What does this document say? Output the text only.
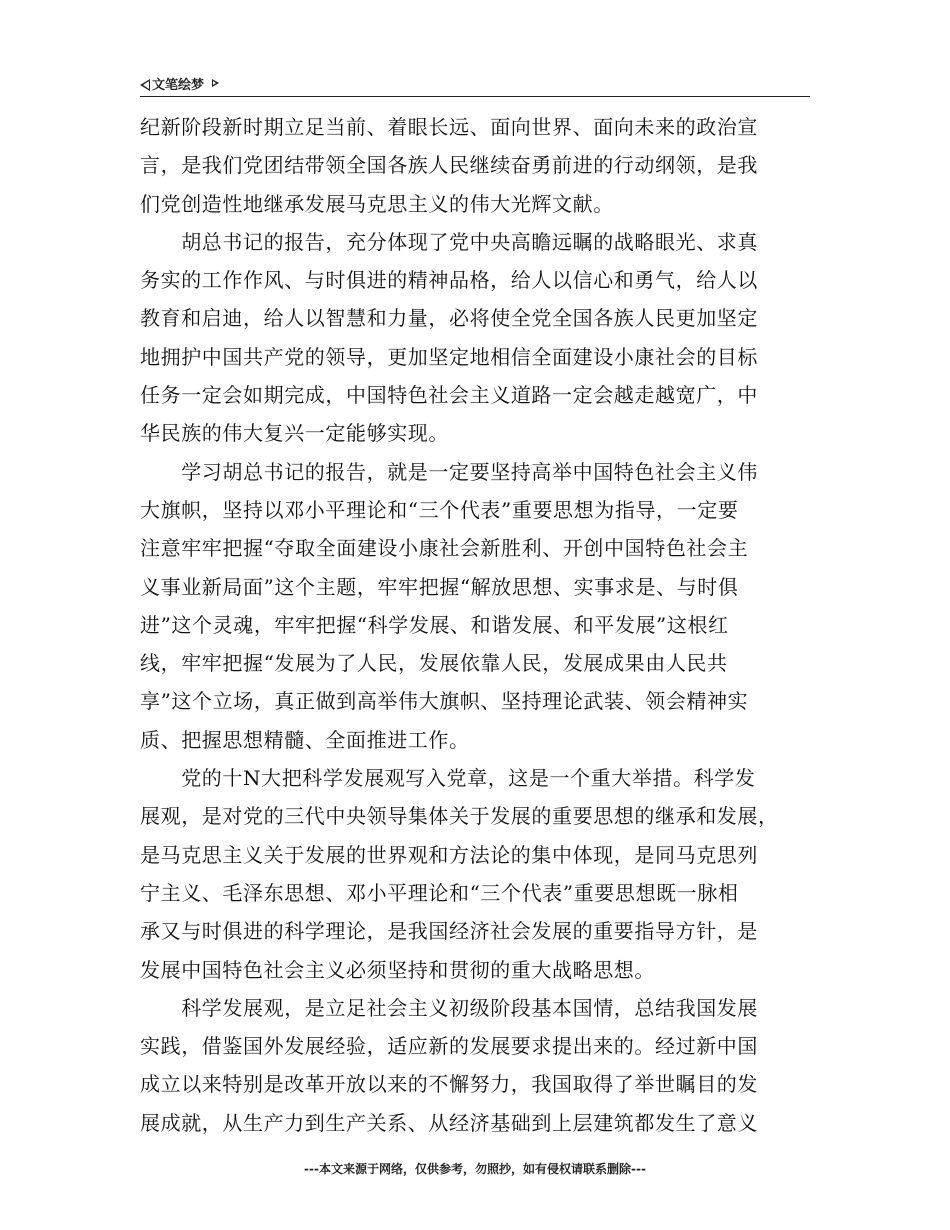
文笔绘梦
纪新阶段新时期立足当前、着眼长远、面向世界、面向未来的政治宣
言，是我们党团结带领全国各族人民继续奋勇前进的行动纲领，是我
们党创造性地继承发展马克思主义的伟大光辉文献。
　　胡总书记的报告，充分体现了党中央高瞻远瞩的战略眼光、求真
务实的工作作风、与时俱进的精神品格，给人以信心和勇气，给人以
教育和启迪，给人以智慧和力量，必将使全党全国各族人民更加坚定
地拥护中国共产党的领导，更加坚定地相信全面建设小康社会的目标
任务一定会如期完成，中国特色社会主义道路一定会越走越宽广，中
华民族的伟大复兴一定能够实现。
　　学习胡总书记的报告，就是一定要坚持高举中国特色社会主义伟
大旗帜，坚持以邓小平理论和“三个代表”重要思想为指导，一定要
注意牢牢把握“夺取全面建设小康社会新胜利、开创中国特色社会主
义事业新局面”这个主题，牢牢把握“解放思想、实事求是、与时俱
进”这个灵魂，牢牢把握“科学发展、和谐发展、和平发展”这根红
线，牢牢把握“发展为了人民，发展依靠人民，发展成果由人民共
享”这个立场，真正做到高举伟大旗帜、坚持理论武装、领会精神实
质、把握思想精髓、全面推进工作。
　　党的十N大把科学发展观写入党章，这是一个重大举措。科学发
展观，是对党的三代中央领导集体关于发展的重要思想的继承和发展，
是马克思主义关于发展的世界观和方法论的集中体现，是同马克思列
宁主义、毛泽东思想、邓小平理论和“三个代表”重要思想既一脉相
承又与时俱进的科学理论，是我国经济社会发展的重要指导方针，是
发展中国特色社会主义必须坚持和贯彻的重大战略思想。
　　科学发展观，是立足社会主义初级阶段基本国情，总结我国发展
实践，借鉴国外发展经验，适应新的发展要求提出来的。经过新中国
成立以来特别是改革开放以来的不懈努力，我国取得了举世瞩目的发
展成就，从生产力到生产关系、从经济基础到上层建筑都发生了意义
---本文来源于网络，仅供参考，勿照抄，如有侵权请联系删除---
